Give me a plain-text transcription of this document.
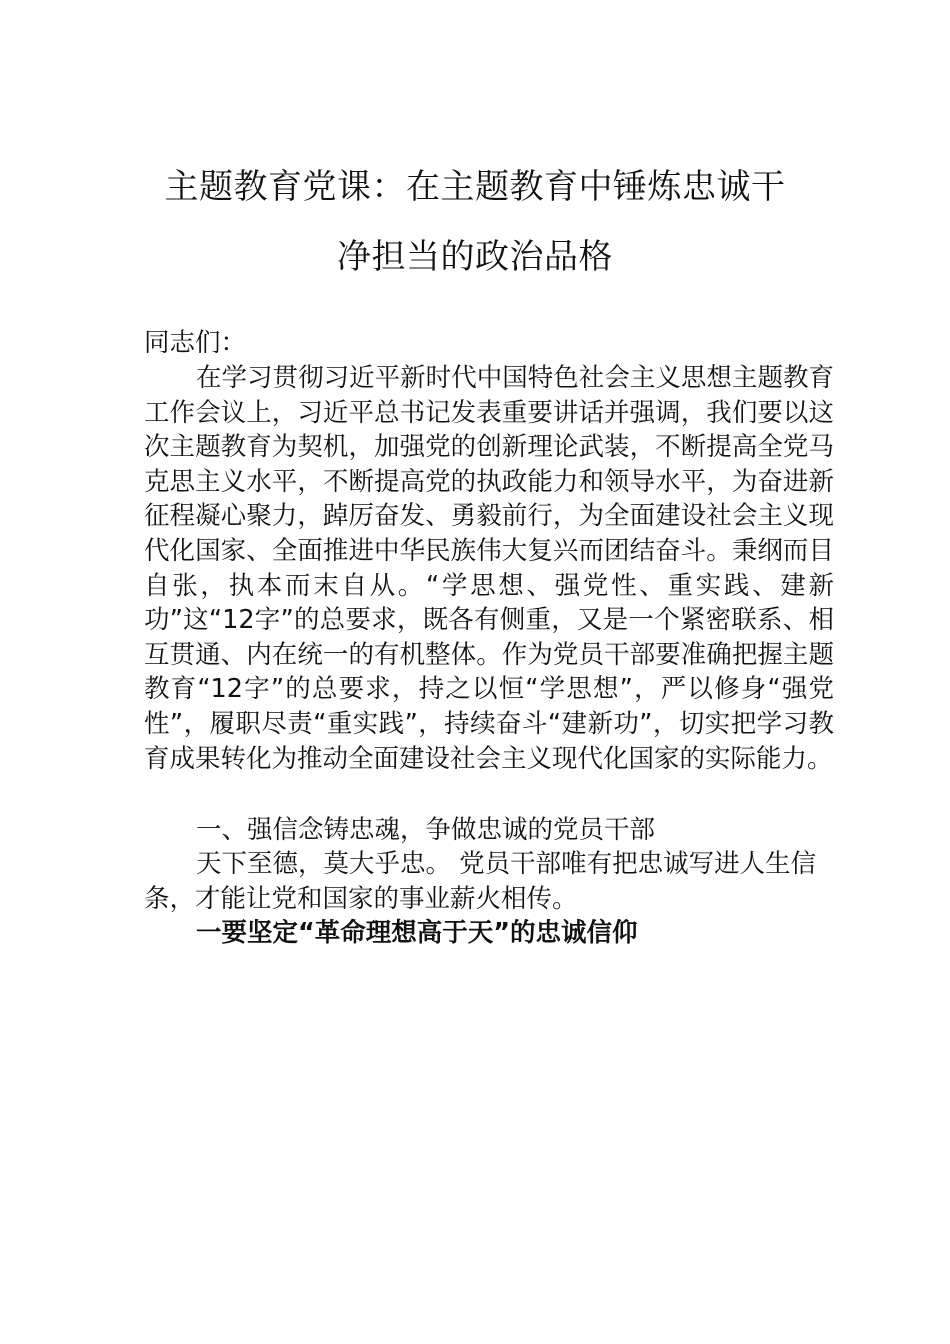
主题教育党课：在主题教育中锤炼忠诚干
净担当的政治品格

同志们：

在学习贯彻习近平新时代中国特色社会主义思想主题教育工作会议上，习近平总书记发表重要讲话并强调，我们要以这次主题教育为契机，加强党的创新理论武装，不断提高全党马克思主义水平，不断提高党的执政能力和领导水平，为奋进新征程凝心聚力，踔厉奋发、勇毅前行，为全面建设社会主义现代化国家、全面推进中华民族伟大复兴而团结奋斗。秉纲而目自张，执本而末自从。“学思想、强党性、重实践、建新功”这“12字”的总要求，既各有侧重，又是一个紧密联系、相互贯通、内在统一的有机整体。作为党员干部要准确把握主题教育“12字”的总要求，持之以恒“学思想”，严以修身“强党性”，履职尽责“重实践”，持续奋斗“建新功”，切实把学习教育成果转化为推动全面建设社会主义现代化国家的实际能力。

一、强信念铸忠魂，争做忠诚的党员干部

天下至德，莫大乎忠。 党员干部唯有把忠诚写进人生信条，才能让党和国家的事业薪火相传。

一要坚定“革命理想高于天”的忠诚信仰
